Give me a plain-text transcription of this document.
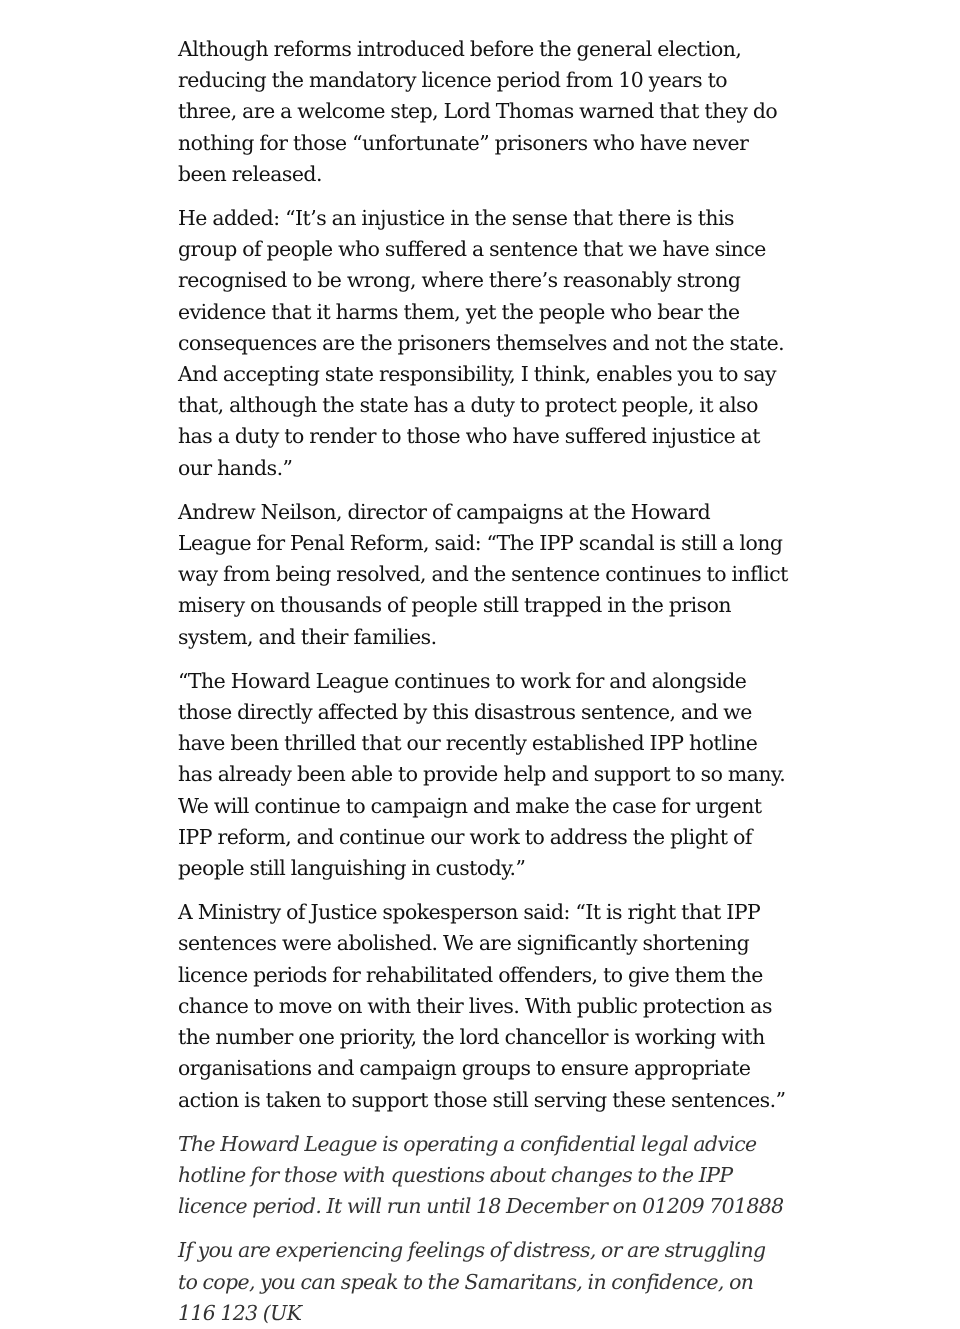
Although reforms introduced before the general election, reducing the mandatory licence period from 10 years to three, are a welcome step, Lord Thomas warned that they do nothing for those “unfortunate” prisoners who have never been released.

He added: “It’s an injustice in the sense that there is this group of people who suffered a sentence that we have since recognised to be wrong, where there’s reasonably strong evidence that it harms them, yet the people who bear the consequences are the prisoners themselves and not the state. And accepting state responsibility, I think, enables you to say that, although the state has a duty to protect people, it also has a duty to render to those who have suffered injustice at our hands.”

Andrew Neilson, director of campaigns at the Howard League for Penal Reform, said: “The IPP scandal is still a long way from being resolved, and the sentence continues to inflict misery on thousands of people still trapped in the prison system, and their families.

“The Howard League continues to work for and alongside those directly affected by this disastrous sentence, and we have been thrilled that our recently established IPP hotline has already been able to provide help and support to so many. We will continue to campaign and make the case for urgent IPP reform, and continue our work to address the plight of people still languishing in custody.”

A Ministry of Justice spokesperson said: “It is right that IPP sentences were abolished. We are significantly shortening licence periods for rehabilitated offenders, to give them the chance to move on with their lives. With public protection as the number one priority, the lord chancellor is working with organisations and campaign groups to ensure appropriate action is taken to support those still serving these sentences.”

The Howard League is operating a confidential legal advice hotline for those with questions about changes to the IPP licence period. It will run until 18 December on 01209 701888

If you are experiencing feelings of distress, or are struggling to cope, you can speak to the Samaritans, in confidence, on 116 123 (UK
